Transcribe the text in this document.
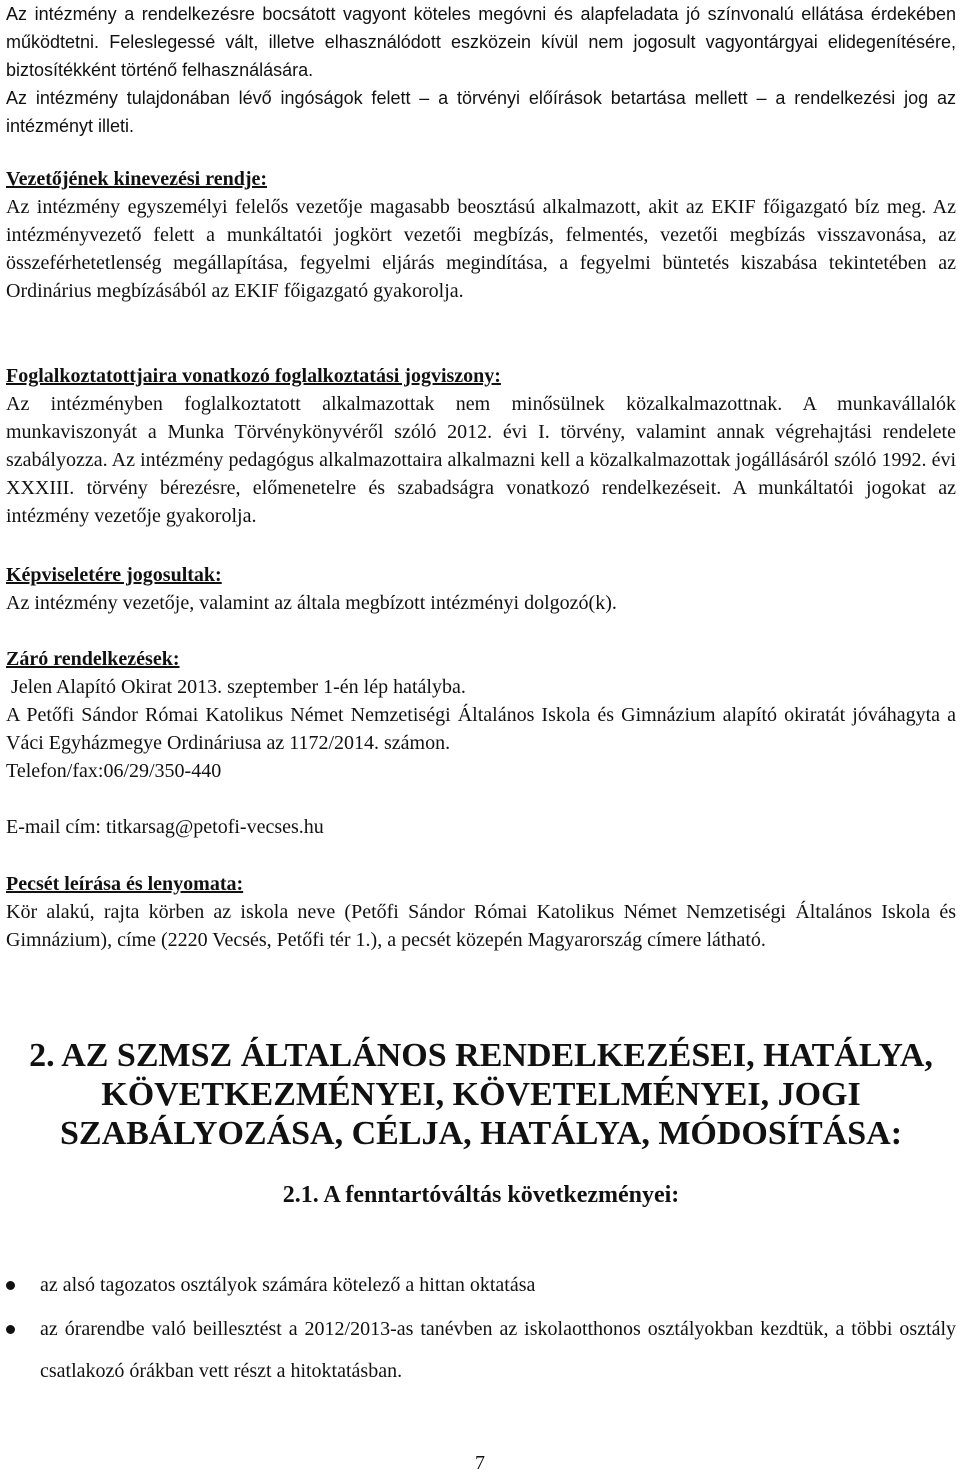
Az intézmény a rendelkezésre bocsátott vagyont köteles megóvni és alapfeladata jó színvonalú ellátása érdekében működtetni. Feleslegessé vált, illetve elhasználódott eszközein kívül nem jogosult vagyontárgyai elidegenítésére, biztosítékként történő felhasználására.

Az intézmény tulajdonában lévő ingóságok felett – a törvényi előírások betartása mellett – a rendelkezési jog az intézményt illeti.

Vezetőjének kinevezési rendje:

Az intézmény egyszemélyi felelős vezetője magasabb beosztású alkalmazott, akit az EKIF főigazgató bíz meg. Az intézményvezető felett a munkáltatói jogkört vezetői megbízás, felmentés, vezetői megbízás visszavonása, az összeférhetetlenség megállapítása, fegyelmi eljárás megindítása, a fegyelmi büntetés kiszabása tekintetében az Ordinárius megbízásából az EKIF főigazgató gyakorolja.

Foglalkoztatottjaira vonatkozó foglalkoztatási jogviszony:

Az intézményben foglalkoztatott alkalmazottak nem minősülnek közalkalmazottnak. A munkavállalók munkaviszonyát a Munka Törvénykönyvéről szóló 2012. évi I. törvény, valamint annak végrehajtási rendelete szabályozza. Az intézmény pedagógus alkalmazottaira alkalmazni kell a közalkalmazottak jogállásáról szóló 1992. évi XXXIII. törvény bérezésre, előmenetelre és szabadságra vonatkozó rendelkezéseit. A munkáltatói jogokat az intézmény vezetője gyakorolja.

Képviseletére jogosultak:

Az intézmény vezetője, valamint az általa megbízott intézményi dolgozó(k).

Záró rendelkezések:

Jelen Alapító Okirat 2013. szeptember 1-én lép hatályba.

A Petőfi Sándor Római Katolikus Német Nemzetiségi Általános Iskola és Gimnázium alapító okiratát jóváhagyta a Váci Egyházmegye Ordináriusa az 1172/2014. számon.

Telefon/fax:06/29/350-440

E-mail cím: titkarsag@petofi-vecses.hu

Pecsét leírása és lenyomata:

Kör alakú, rajta körben az iskola neve (Petőfi Sándor Római Katolikus Német Nemzetiségi Általános Iskola és Gimnázium), címe (2220 Vecsés, Petőfi tér 1.), a pecsét közepén Magyarország címere látható.

2. AZ SZMSZ ÁLTALÁNOS RENDELKEZÉSEI, HATÁLYA,
KÖVETKEZMÉNYEI, KÖVETELMÉNYEI, JOGI
SZABÁLYOZÁSA, CÉLJA, HATÁLYA, MÓDOSÍTÁSA:
2.1. A fenntartóváltás következményei:
az alsó tagozatos osztályok számára kötelező a hittan oktatása
az órarendbe való beillesztést a 2012/2013-as tanévben az iskolaotthonos osztályokban kezdtük, a többi osztály csatlakozó órákban vett részt a hitoktatásban.
7
